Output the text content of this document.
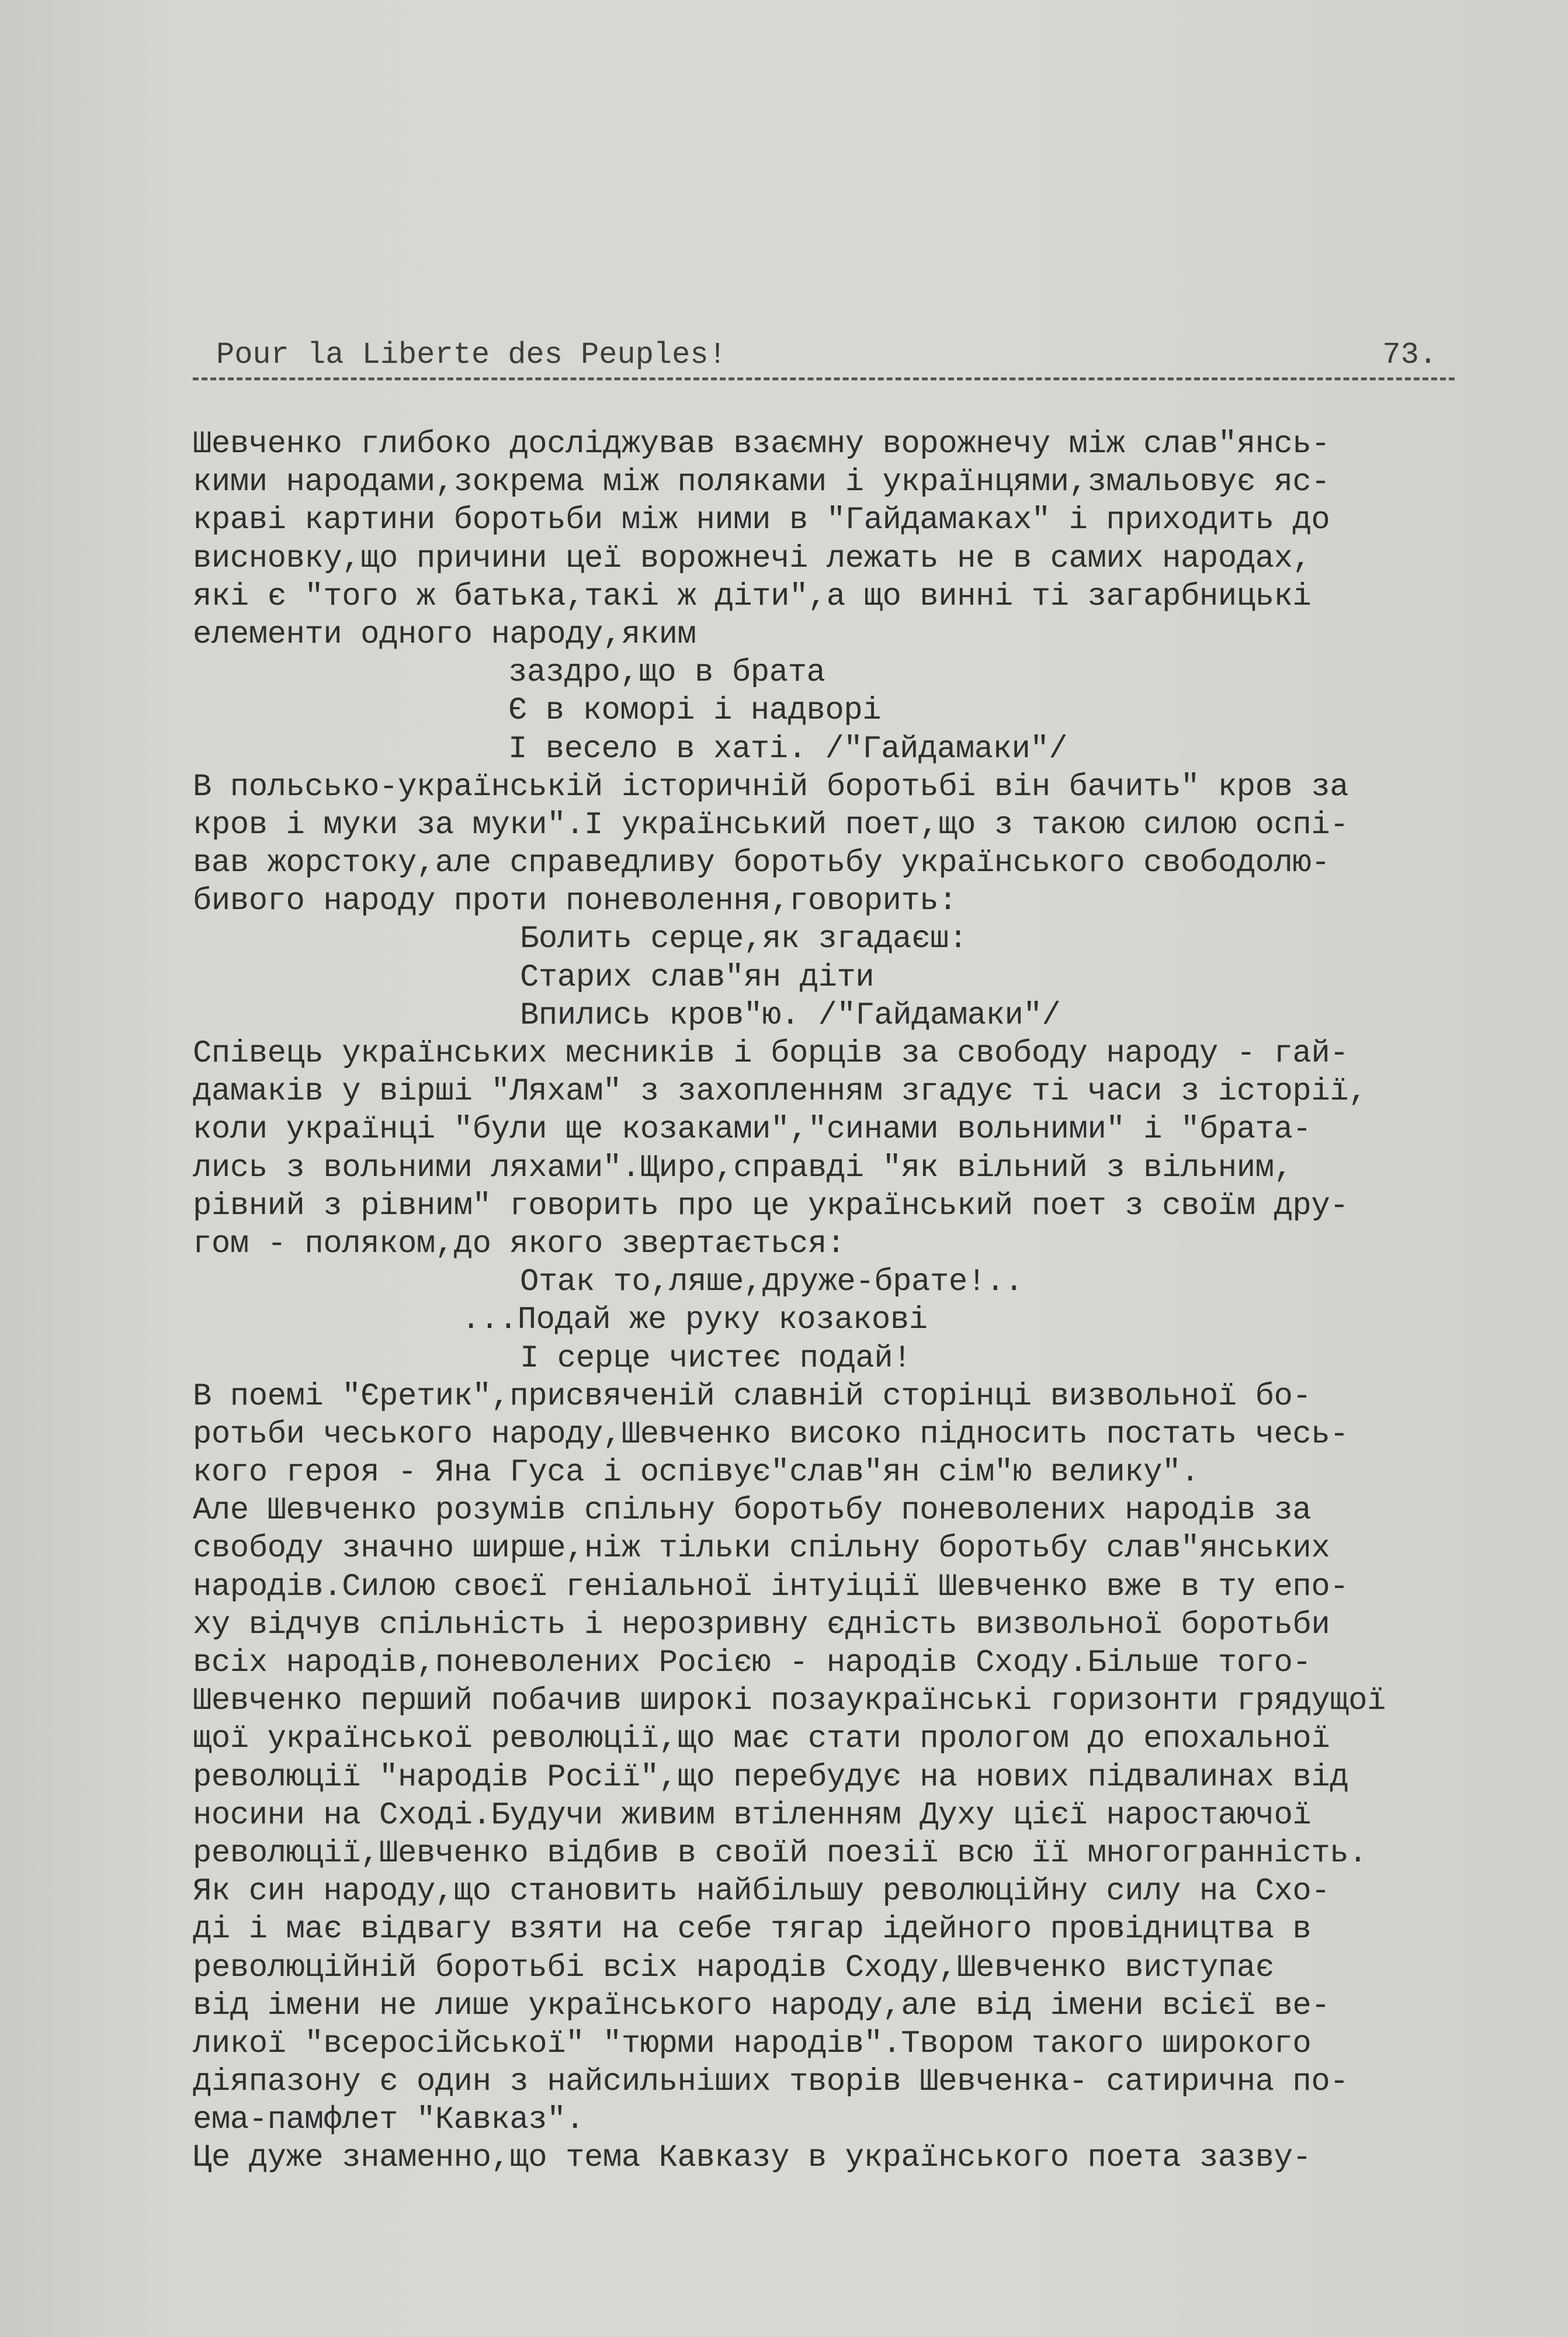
Pour la Liberte des Peuples!	73.
Шевченко глибоко досліджував взаємну ворожнечу між слав"янсь-
кими народами,зокрема між поляками і українцями,змальовує яс-
краві картини боротьби між ними в "Гайдамаках" і приходить до
висновку,що причини цеї ворожнечі лежать не в самих народах,
які є "того ж батька,такі ж діти",а що винні ті загарбницькі
елементи одного народу,яким
заздро,що в брата
Є в коморі і надворі
І весело в хаті. /"Гайдамаки"/
В польсько-українській історичній боротьбі він бачить" кров за
кров і муки за муки".І український поет,що з такою силою оспі-
вав жорстоку,але справедливу боротьбу українського свободолю-
бивого народу проти поневолення,говорить:
Болить серце,як згадаєш:
Старих слав"ян діти
Впились кров"ю. /"Гайдамаки"/
Співець українських месників і борців за свободу народу - гай-
дамаків у вірші "Ляхам" з захопленням згадує ті часи з історії,
коли українці "були ще козаками","синами вольними" і "брата-
лись з вольними ляхами".Щиро,справді "як вільний з вільним,
рівний з рівним" говорить про це український поет з своїм дру-
гом - поляком,до якого звертається:
Отак то,ляше,друже-брате!..
...Подай же руку козакові
І серце чистеє подай!
В поемі "Єретик",присвяченій славній сторінці визвольної бо-
ротьби чеського народу,Шевченко високо підносить постать чесь-
кого героя - Яна Гуса і оспівує"слав"ян сім"ю велику".
Але Шевченко розумів спільну боротьбу поневолених народів за
свободу значно ширше,ніж тільки спільну боротьбу слав"янських
народів.Силою своєї геніальної інтуіції Шевченко вже в ту епо-
ху відчув спільність і нерозривну єдність визвольної боротьби
всіх народів,поневолених Росією - народів Сходу.Більше того-
Шевченко перший побачив широкі позаукраїнські горизонти грядущої
щої української революції,що має стати прологом до епохальної
революції "народів Росії",що перебудує на нових підвалинах від
носини на Сході.Будучи живим втіленням Духу цієї наростаючої
революції,Шевченко відбив в своїй поезії всю її многогранність.
Як син народу,що становить найбільшу революційну силу на Схо-
ді і має відвагу взяти на себе тягар ідейного провідництва в
революційній боротьбі всіх народів Сходу,Шевченко виступає
від імени не лише українського народу,але від імени всієї ве-
ликої "всеросійської" "тюрми народів".Твором такого широкого
діяпазону є один з найсильніших творів Шевченка- сатирична по-
ема-памфлет "Кавказ".
Це дуже знаменно,що тема Кавказу в українського поета зазву-
